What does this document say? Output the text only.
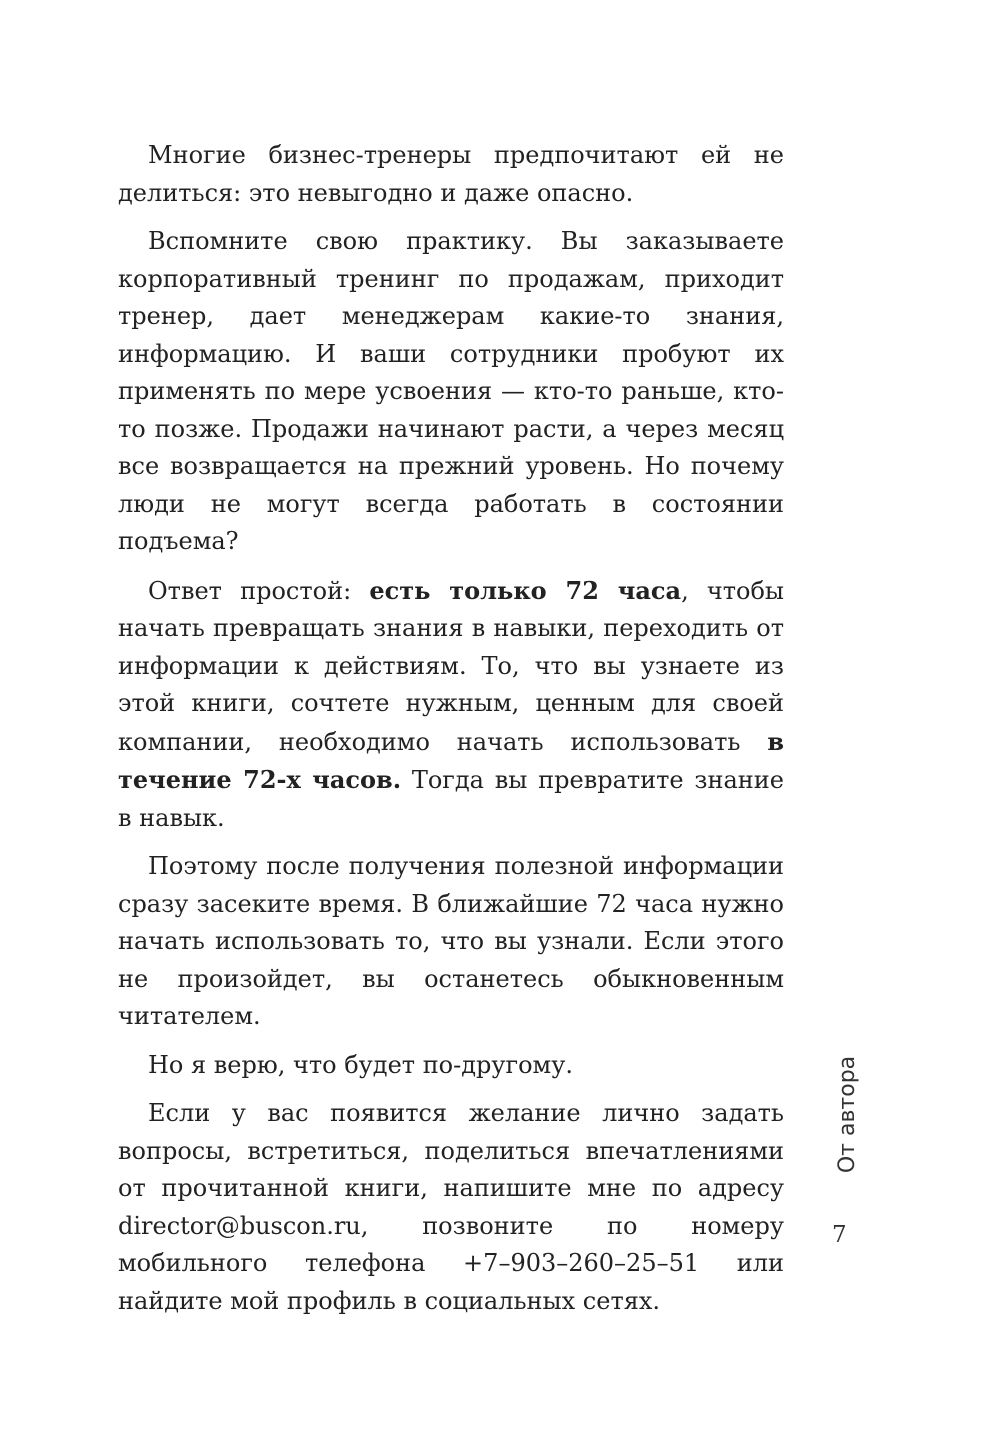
Многие бизнес-тренеры предпочитают ей не делиться: это невыгодно и даже опасно.

Вспомните свою практику. Вы заказываете корпоративный тренинг по продажам, приходит тренер, дает менеджерам какие-то знания, информацию. И ваши сотрудники пробуют их применять по мере усвоения — кто-то раньше, кто-то позже. Продажи начинают расти, а через месяц все возвращается на прежний уровень. Но почему люди не могут всегда работать в состоянии подъема?

Ответ простой: есть только 72 часа, чтобы начать превращать знания в навыки, переходить от информации к действиям. То, что вы узнаете из этой книги, сочтете нужным, ценным для своей компании, необходимо начать использовать в течение 72-х часов. Тогда вы превратите знание в навык.

Поэтому после получения полезной информации сразу засеките время. В ближайшие 72 часа нужно начать использовать то, что вы узнали. Если этого не произойдет, вы останетесь обыкновенным читателем.

Но я верю, что будет по-другому.

Если у вас появится желание лично задать вопросы, встретиться, поделиться впечатлениями от прочитанной книги, напишите мне по адресу director@buscon.ru, позвоните по номеру мобильного телефона +7–903–260–25–51 или найдите мой профиль в социальных сетях.

От автора
7
